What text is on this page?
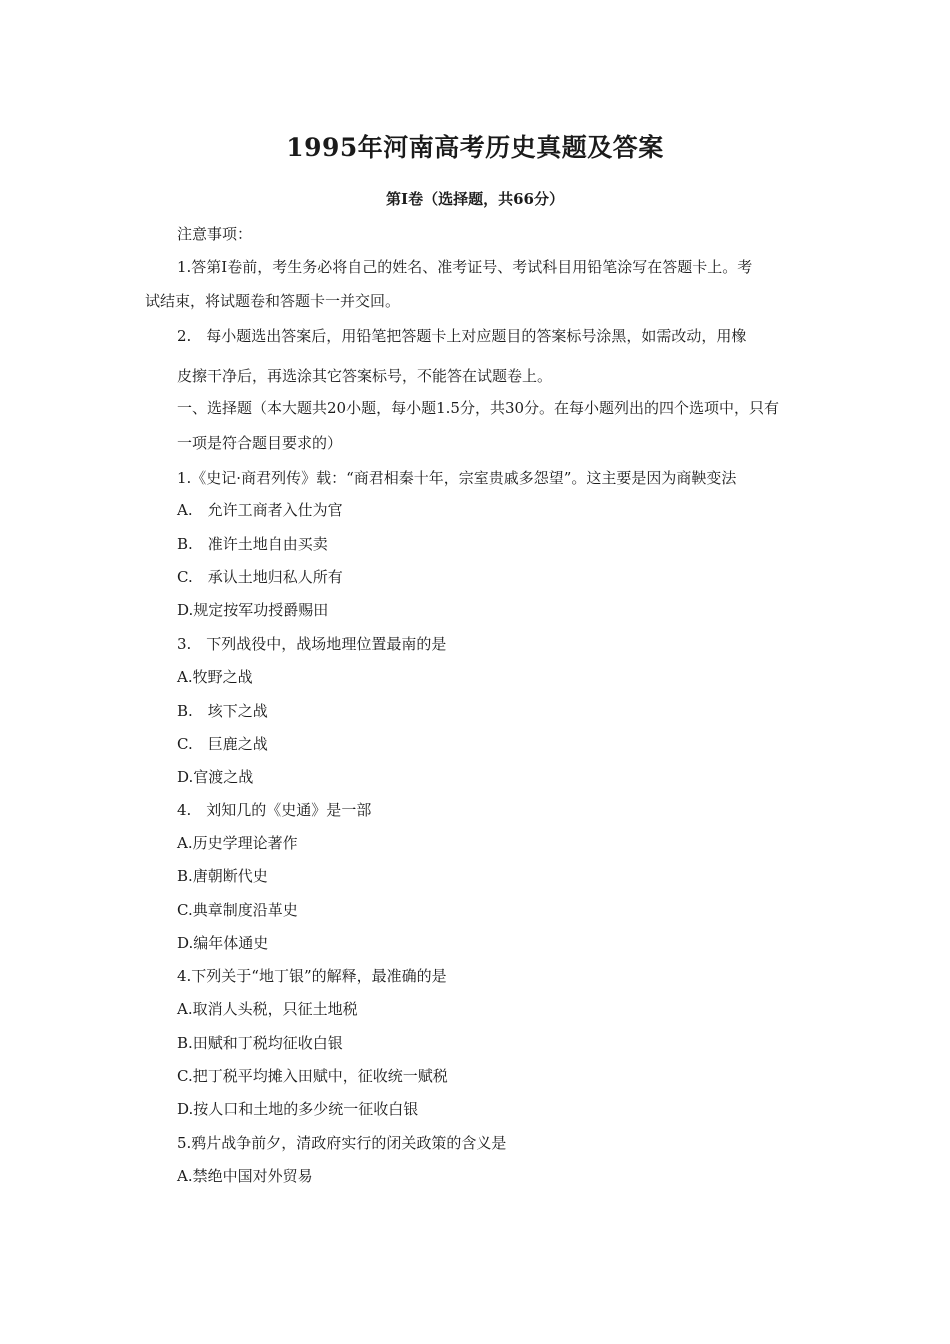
1995年河南高考历史真题及答案
第Ⅰ卷（选择题，共66分）
注意事项：
1.答第Ⅰ卷前，考生务必将自己的姓名、准考证号、考试科目用铅笔涂写在答题卡上。考
试结束，将试题卷和答题卡一并交回。
2.　每小题选出答案后，用铅笔把答题卡上对应题目的答案标号涂黑，如需改动，用橡
皮擦干净后，再选涂其它答案标号，不能答在试题卷上。
一、选择题（本大题共20小题，每小题1.5分，共30分。在每小题列出的四个选项中，只有
一项是符合题目要求的）
1.《史记·商君列传》载：“商君相秦十年，宗室贵戚多怨望”。这主要是因为商鞅变法
A.　允许工商者入仕为官
B.　准许土地自由买卖
C.　承认土地归私人所有
D.规定按军功授爵赐田
3.　下列战役中，战场地理位置最南的是
A.牧野之战
B.　垓下之战
C.　巨鹿之战
D.官渡之战
4.　刘知几的《史通》是一部
A.历史学理论著作
B.唐朝断代史
C.典章制度沿革史
D.编年体通史
4.下列关于“地丁银”的解释，最准确的是
A.取消人头税，只征土地税
B.田赋和丁税均征收白银
C.把丁税平均摊入田赋中，征收统一赋税
D.按人口和土地的多少统一征收白银
5.鸦片战争前夕，清政府实行的闭关政策的含义是
A.禁绝中国对外贸易
